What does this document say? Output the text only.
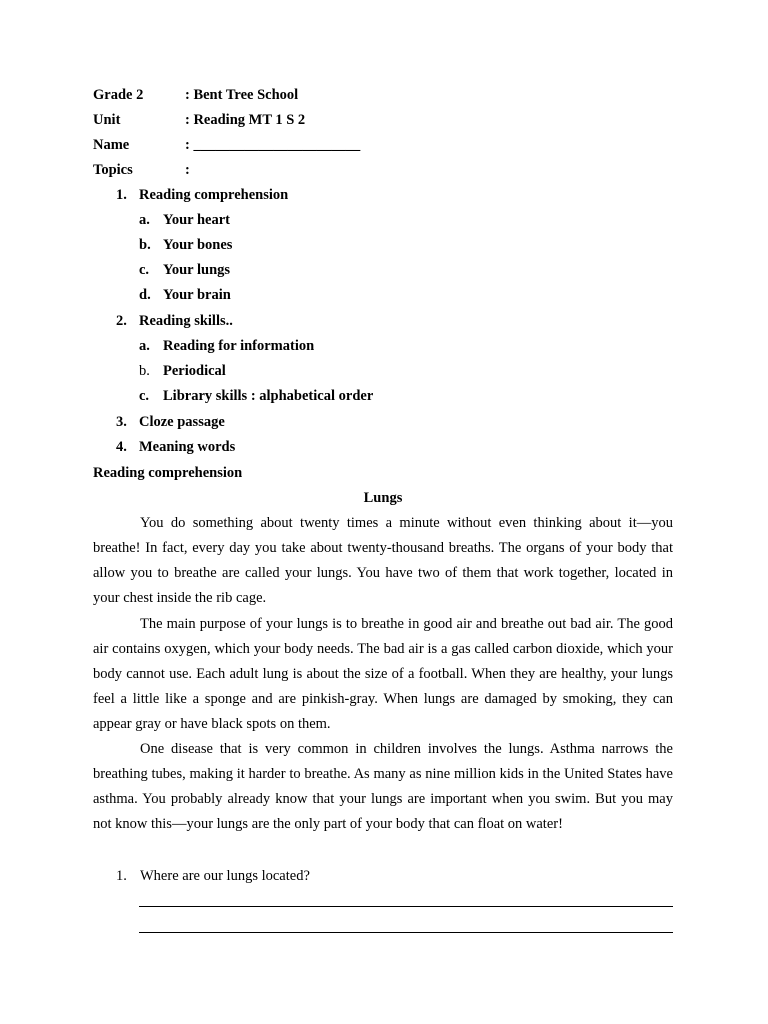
Grade 2	: Bent Tree School
Unit	: Reading MT 1 S 2
Name	: _______________________
Topics	:
1. Reading comprehension
a. Your heart
b. Your bones
c. Your lungs
d. Your brain
2. Reading skills..
a. Reading for information
b. Periodical
c. Library skills : alphabetical order
3. Cloze passage
4. Meaning words
Reading comprehension
Lungs

You do something about twenty times a minute without even thinking about it—you breathe! In fact, every day you take about twenty-thousand breaths. The organs of your body that allow you to breathe are called your lungs. You have two of them that work together, located in your chest inside the rib cage.

The main purpose of your lungs is to breathe in good air and breathe out bad air. The good air contains oxygen, which your body needs. The bad air is a gas called carbon dioxide, which your body cannot use. Each adult lung is about the size of a football. When they are healthy, your lungs feel a little like a sponge and are pinkish-gray. When lungs are damaged by smoking, they can appear gray or have black spots on them.

One disease that is very common in children involves the lungs. Asthma narrows the breathing tubes, making it harder to breathe. As many as nine million kids in the United States have asthma. You probably already know that your lungs are important when you swim. But you may not know this—your lungs are the only part of your body that can float on water!

1. Where are our lungs located?
